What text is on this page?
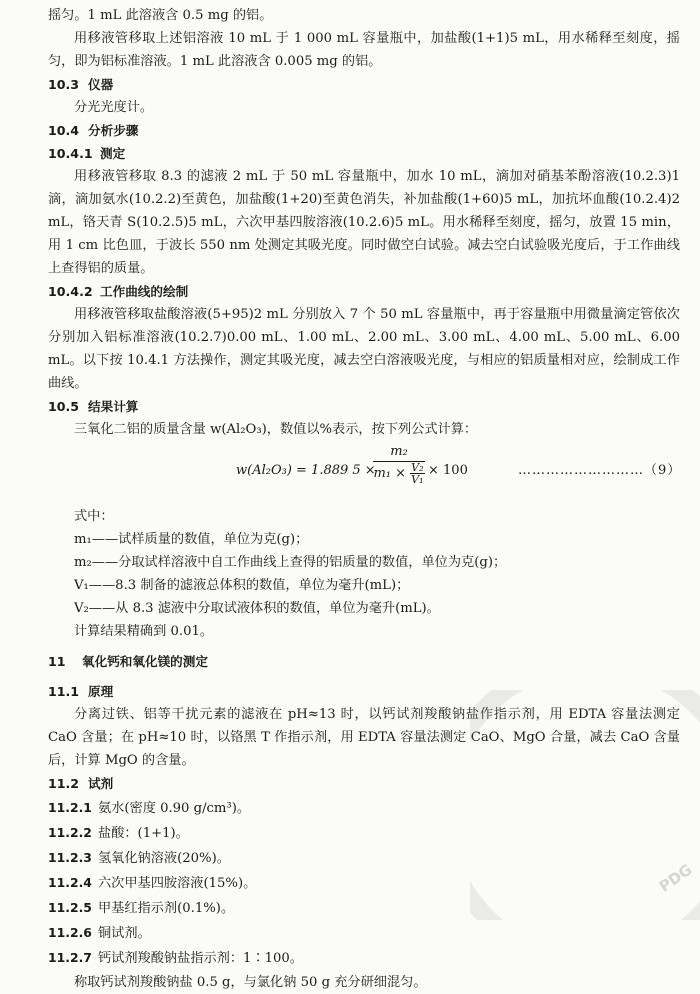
摇匀。1 mL 此溶液含 0.5 mg 的铝。

用移液管移取上述铝溶液 10 mL 于 1 000 mL 容量瓶中，加盐酸(1+1)5 mL，用水稀释至刻度，摇匀，即为铝标准溶液。1 mL 此溶液含 0.005 mg 的铝。

10.3 仪器

分光光度计。

10.4 分析步骤

10.4.1 测定

用移液管移取 8.3 的滤液 2 mL 于 50 mL 容量瓶中，加水 10 mL，滴加对硝基苯酚溶液(10.2.3)1 滴，滴加氨水(10.2.2)至黄色，加盐酸(1+20)至黄色消失，补加盐酸(1+60)5 mL，加抗坏血酸(10.2.4)2 mL，铬天青 S(10.2.5)5 mL，六次甲基四胺溶液(10.2.6)5 mL。用水稀释至刻度，摇匀，放置 15 min，用 1 cm 比色皿，于波长 550 nm 处测定其吸光度。同时做空白试验。减去空白试验吸光度后，于工作曲线上查得铝的质量。

10.4.2 工作曲线的绘制

用移液管移取盐酸溶液(5+95)2 mL 分别放入 7 个 50 mL 容量瓶中，再于容量瓶中用微量滴定管依次分别加入铝标准溶液(10.2.7)0.00 mL、1.00 mL、2.00 mL、3.00 mL、4.00 mL、5.00 mL、6.00 mL。以下按 10.4.1 方法操作，测定其吸光度，减去空白溶液吸光度，与相应的铝质量相对应，绘制成工作曲线。

10.5 结果计算

三氧化二铝的质量含量 w(Al₂O₃)，数值以%表示，按下列公式计算：

w(Al₂O₃) = 1.889 5 ×
$\frac{\text{m₂}}{m_1 \times \frac{\text{V₂}}{\text{V₁}}} \times 100$	………………………（9）

式中：

m₁——试样质量的数值，单位为克(g)；

m₂——分取试样溶液中自工作曲线上查得的铝质量的数值，单位为克(g)；

V₁——8.3 制备的滤液总体积的数值，单位为毫升(mL)；

V₂——从 8.3 滤液中分取试液体积的数值，单位为毫升(mL)。

计算结果精确到 0.01。

11 氧化钙和氧化镁的测定

11.1 原理

分离过铁、铝等干扰元素的滤液在 pH≈13 时，以钙试剂羧酸钠盐作指示剂，用 EDTA 容量法测定 CaO 含量；在 pH≈10 时，以铬黑 T 作指示剂，用 EDTA 容量法测定 CaO、MgO 合量，减去 CaO 含量后，计算 MgO 的含量。

11.2 试剂

11.2.1 氨水(密度 0.90 g/cm³)。

11.2.2 盐酸：(1+1)。

11.2.3 氢氧化钠溶液(20%)。

11.2.4 六次甲基四胺溶液(15%)。

11.2.5 甲基红指示剂(0.1%)。

11.2.6 铜试剂。

11.2.7 钙试剂羧酸钠盐指示剂：1∶100。

称取钙试剂羧酸钠盐 0.5 g，与氯化钠 50 g 充分研细混匀。

PDG
